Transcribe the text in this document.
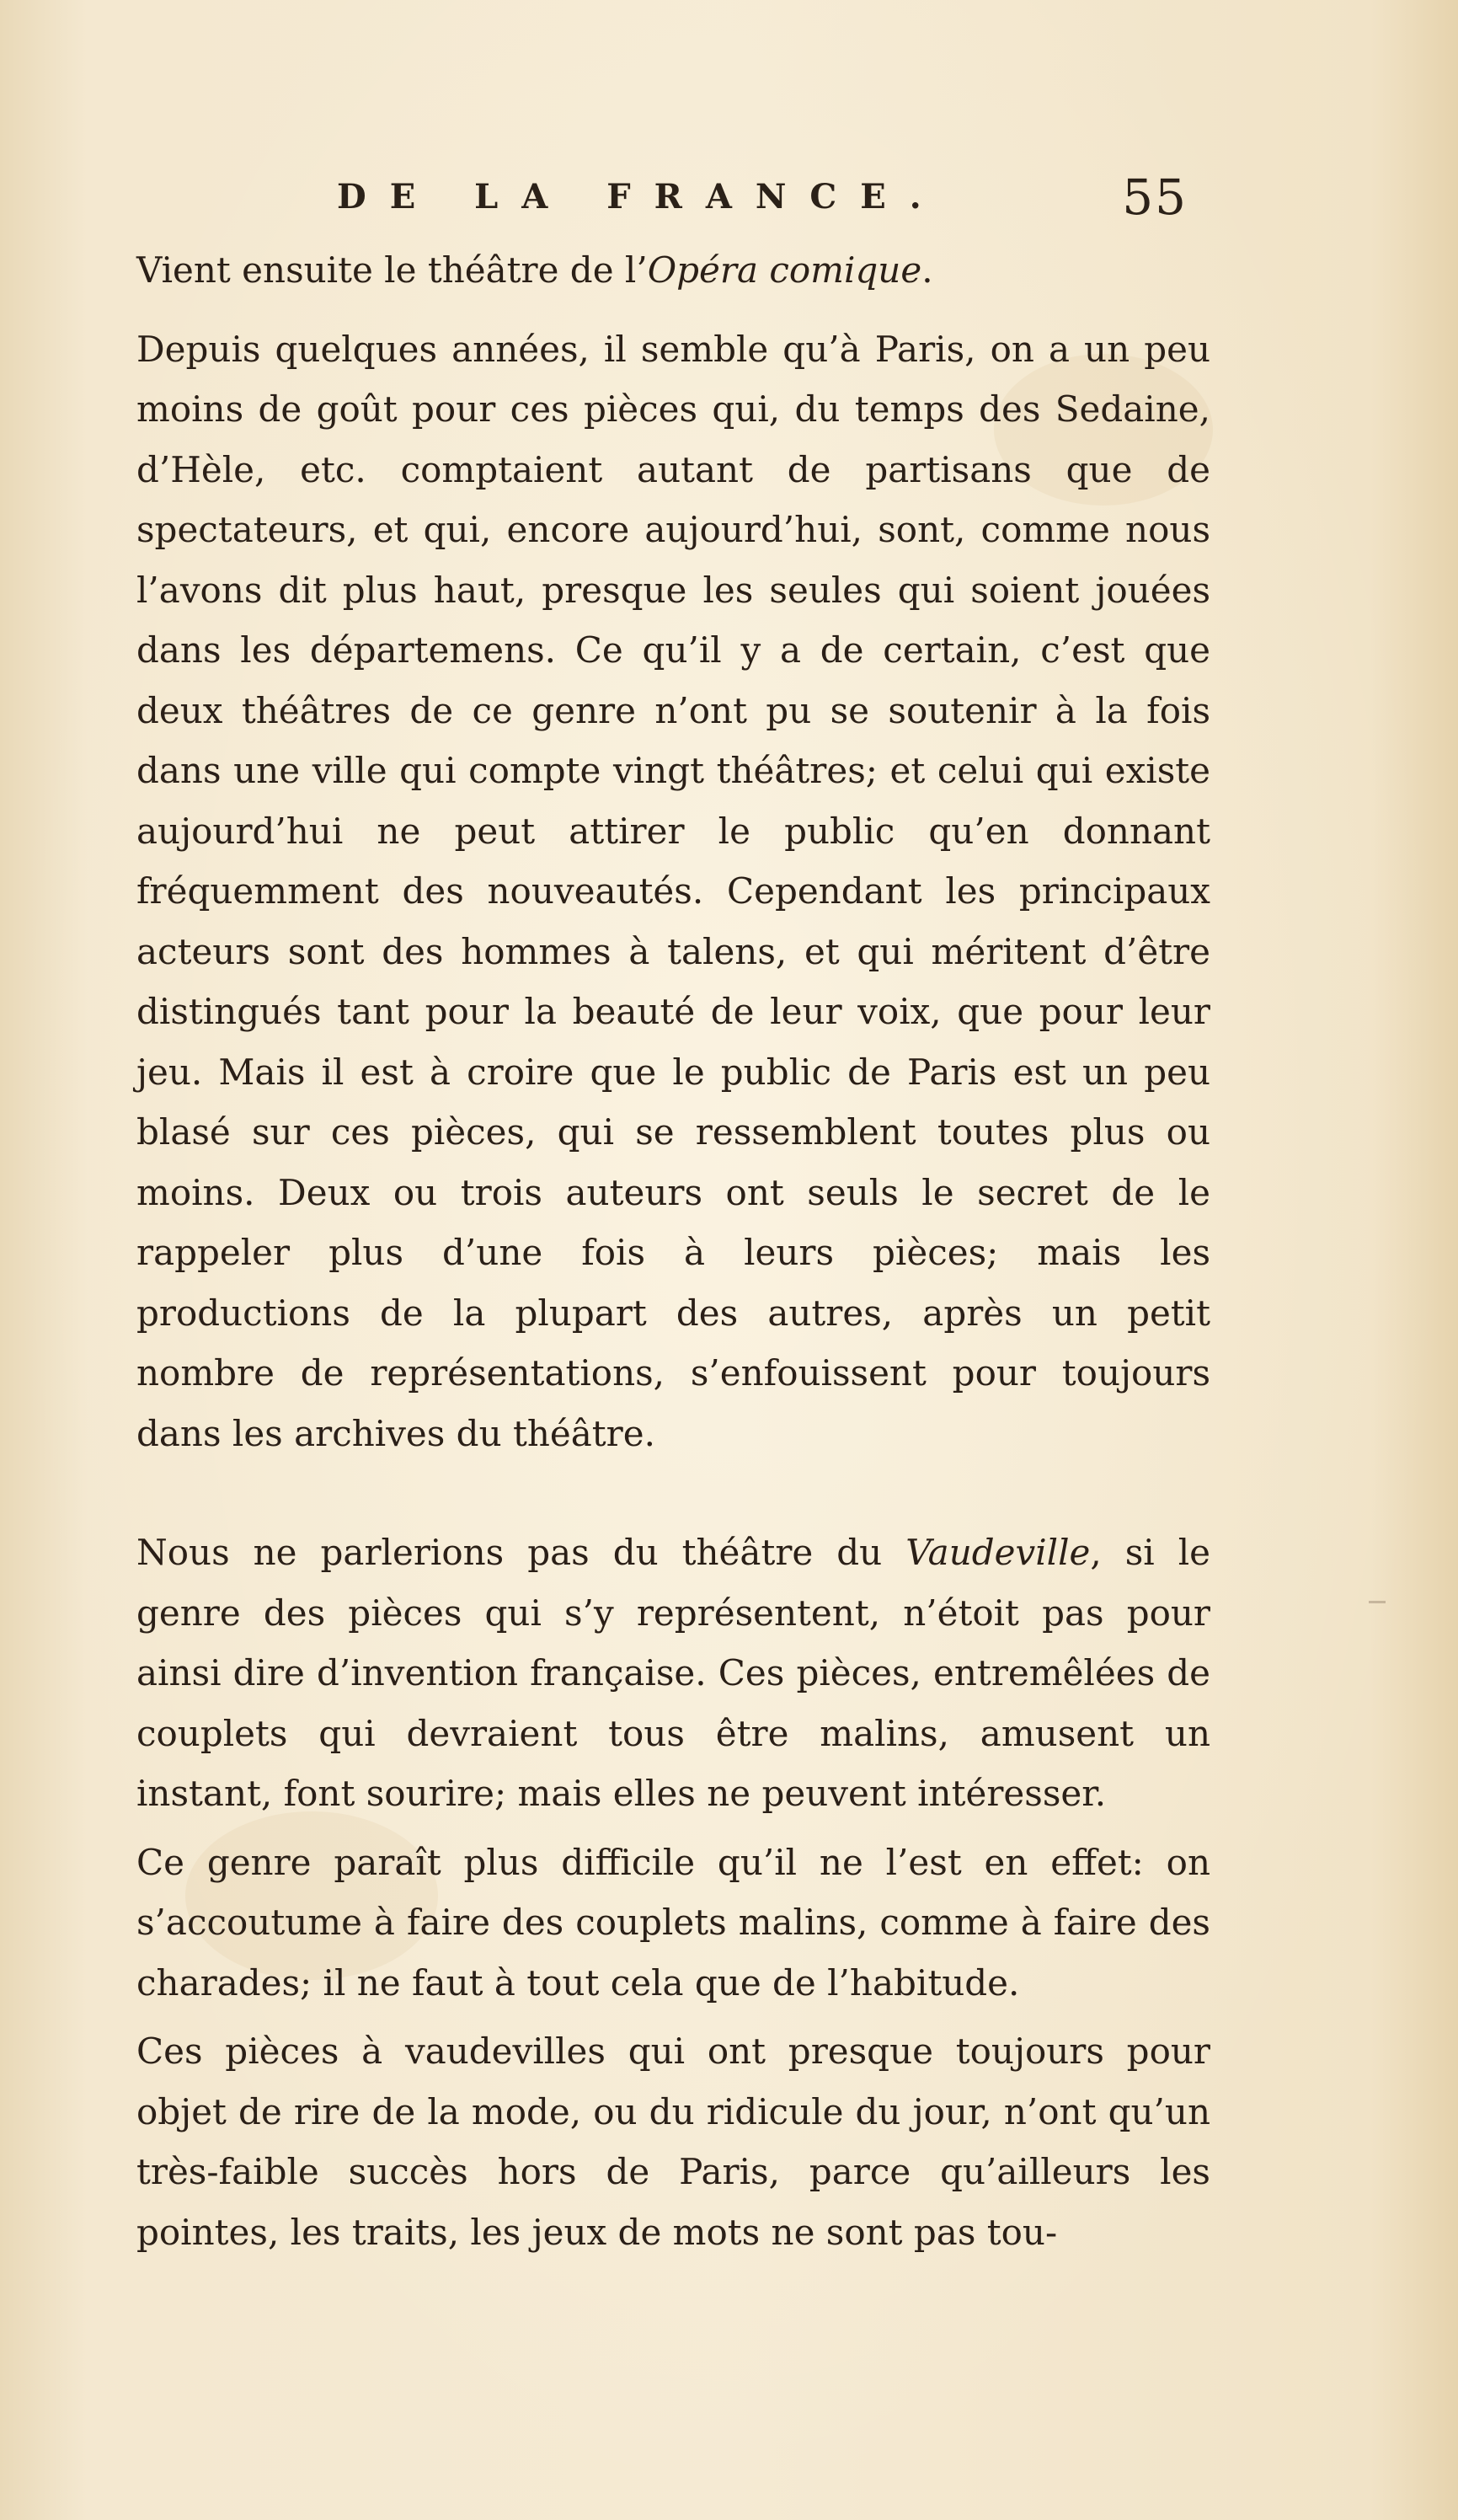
DE LA FRANCE.	55

Vient ensuite le théâtre de l’Opéra comique.

Depuis quelques années, il semble qu’à Paris, on a un peu moins de goût pour ces pièces qui, du temps des Sedaine, d’Hèle, etc. comptaient autant de partisans que de spectateurs, et qui, encore aujourd’hui, sont, comme nous l’avons dit plus haut, presque les seules qui soient jouées dans les départemens. Ce qu’il y a de certain, c’est que deux théâtres de ce genre n’ont pu se soutenir à la fois dans une ville qui compte vingt théâtres; et celui qui existe aujourd’hui ne peut attirer le public qu’en donnant fréquemment des nouveautés. Cependant les principaux acteurs sont des hommes à talens, et qui méritent d’être distingués tant pour la beauté de leur voix, que pour leur jeu. Mais il est à croire que le public de Paris est un peu blasé sur ces pièces, qui se ressemblent toutes plus ou moins. Deux ou trois auteurs ont seuls le secret de le rappeler plus d’une fois à leurs pièces; mais les productions de la plupart des autres, après un petit nombre de représentations, s’enfouissent pour toujours dans les archives du théâtre.

Nous ne parlerions pas du théâtre du Vaudeville, si le genre des pièces qui s’y représentent, n’étoit pas pour ainsi dire d’invention française. Ces pièces, entremêlées de couplets qui devraient tous être malins, amusent un instant, font sourire; mais elles ne peuvent intéresser.

Ce genre paraît plus difficile qu’il ne l’est en effet: on s’accoutume à faire des couplets malins, comme à faire des charades; il ne faut à tout cela que de l’habitude.

Ces pièces à vaudevilles qui ont presque toujours pour objet de rire de la mode, ou du ridicule du jour, n’ont qu’un très-faible succès hors de Paris, parce qu’ailleurs les pointes, les traits, les jeux de mots ne sont pas tou-
